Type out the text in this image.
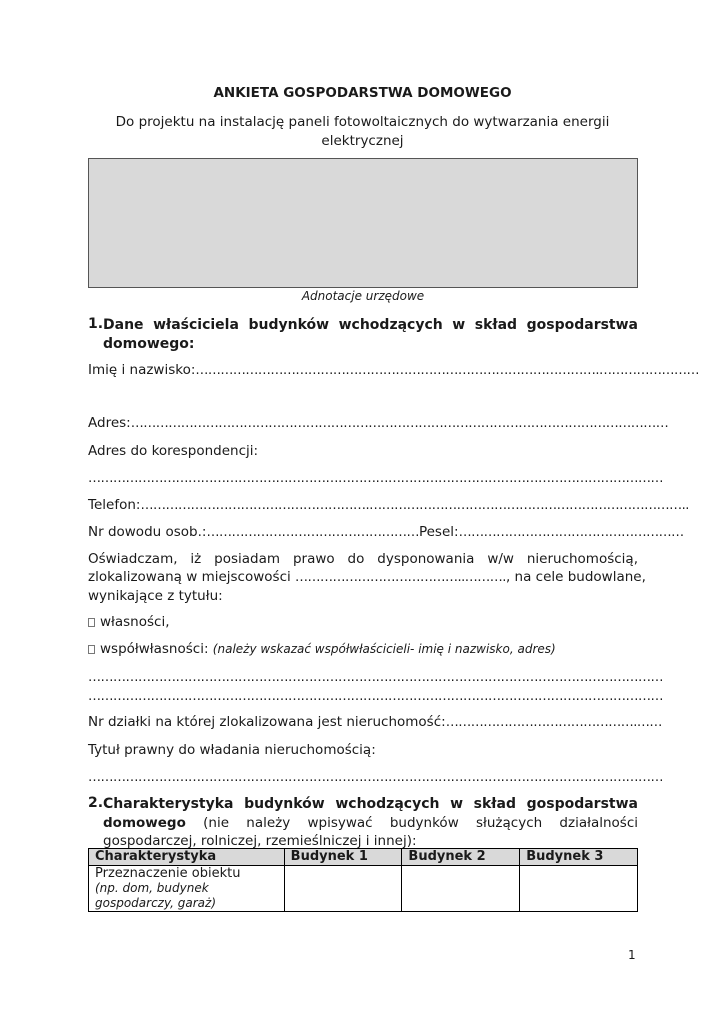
ANKIETA GOSPODARSTWA DOMOWEGO
Do projektu na instalację paneli fotowoltaicznych do wytwarzania energii elektrycznej
Adnotacje urzędowe
1. Dane właściciela budynków wchodzących w skład gospodarstwa
domowego:
Imię i nazwisko:…………………………………………………………………………………….……………………
Adres:…………………………………………………………………………………………………………………
Adres do korespondencji:
…………………………………………………………………………………………………………………………
Telefon:……………………………………………….…………………………………………………………………..
Nr dowodu osob.:……………………………………………Pesel:………………………………………………
Oświadczam, iż posiadam prawo do dysponowania w/w nieruchomością,
zlokalizowaną w miejscowości …………………………………..………., na cele budowlane,
wynikające z tytułu:
własności,
współwłasności: (należy wskazać współwłaścicieli- imię i nazwisko, adres)
…………………………………………………………………………………………………………………………
…………………………………………………………………………………………………………………………
Nr działki na której zlokalizowana jest nieruchomość:……………………………………….……
Tytuł prawny do władania nieruchomością:
…………………………………………………………………………………………………………………………
2. Charakterystyka budynków wchodzących w skład gospodarstwa
domowego (nie należy wpisywać budynków służących działalności
gospodarczej, rolniczej, rzemieślniczej i innej):
Charakterystyka	Budynek 1	Budynek 2	Budynek 3

Przeznaczenie obiektu
(np. dom, budynek gospodarczy, garaż)			

1
